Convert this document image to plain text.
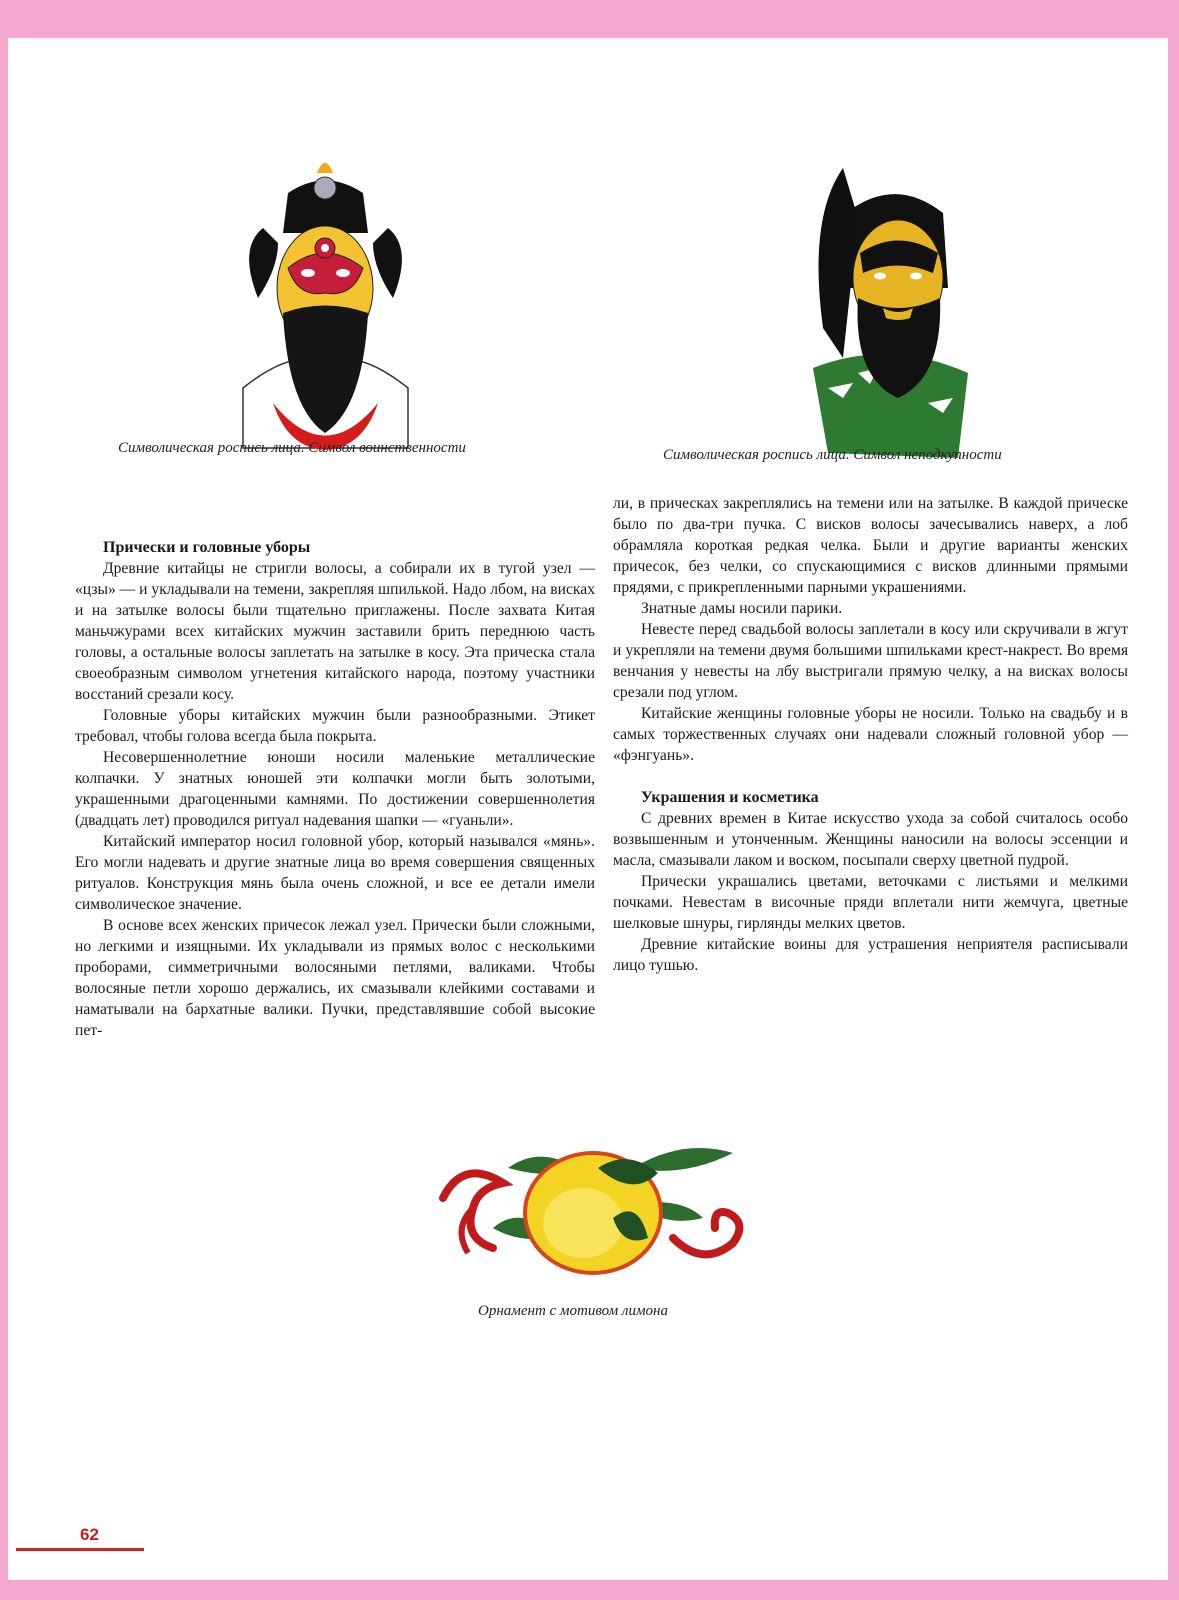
Символическая роспись лица. Символ воинственности	Символическая роспись лица. Символ неподкупности
Прически и головные уборы

Древние китайцы не стригли волосы, а собирали их в тугой узел — «цзы» — и укладывали на темени, закрепляя шпилькой. Надо лбом, на висках и на затылке волосы были тщательно приглажены. После захвата Китая маньчжурами всех китайских мужчин заставили брить переднюю часть головы, а остальные волосы заплетать на затылке в косу. Эта прическа стала своеобразным символом угнетения китайского народа, поэтому участники восстаний срезали косу.

Головные уборы китайских мужчин были разнообразными. Этикет требовал, чтобы голова всегда была покрыта.

Несовершеннолетние юноши носили маленькие металлические колпачки. У знатных юношей эти колпачки могли быть золотыми, украшенными драгоценными камнями. По достижении совершеннолетия (двадцать лет) проводился ритуал надевания шапки — «гуаньли».

Китайский император носил головной убор, который назывался «мянь». Его могли надевать и другие знатные лица во время совершения священных ритуалов. Конструкция мянь была очень сложной, и все ее детали имели символическое значение.

В основе всех женских причесок лежал узел. Прически были сложными, но легкими и изящными. Их укладывали из прямых волос с несколькими проборами, симметричными волосяными петлями, валиками. Чтобы волосяные петли хорошо держались, их смазывали клейкими составами и наматывали на бархатные валики. Пучки, представлявшие собой высокие пет-

ли, в прическах закреплялись на темени или на затылке. В каждой прическе было по два-три пучка. С висков волосы зачесывались наверх, а лоб обрамляла короткая редкая челка. Были и другие варианты женских причесок, без челки, со спускающимися с висков длинными прямыми прядями, с прикрепленными парными украшениями.

Знатные дамы носили парики.

Невесте перед свадьбой волосы заплетали в косу или скручивали в жгут и укрепляли на темени двумя большими шпильками крест-накрест. Во время венчания у невесты на лбу выстригали прямую челку, а на висках волосы срезали под углом.

Китайские женщины головные уборы не носили. Только на свадьбу и в самых торжественных случаях они надевали сложный головной убор — «фэнгуань».

Украшения и косметика

С древних времен в Китае искусство ухода за собой считалось особо возвышенным и утонченным. Женщины наносили на волосы эссенции и масла, смазывали лаком и воском, посыпали сверху цветной пудрой.

Прически украшались цветами, веточками с листьями и мелкими почками. Невестам в височные пряди вплетали нити жемчуга, цветные шелковые шнуры, гирлянды мелких цветов.

Древние китайские воины для устрашения неприятеля расписывали лицо тушью.

Орнамент с мотивом лимона
62
